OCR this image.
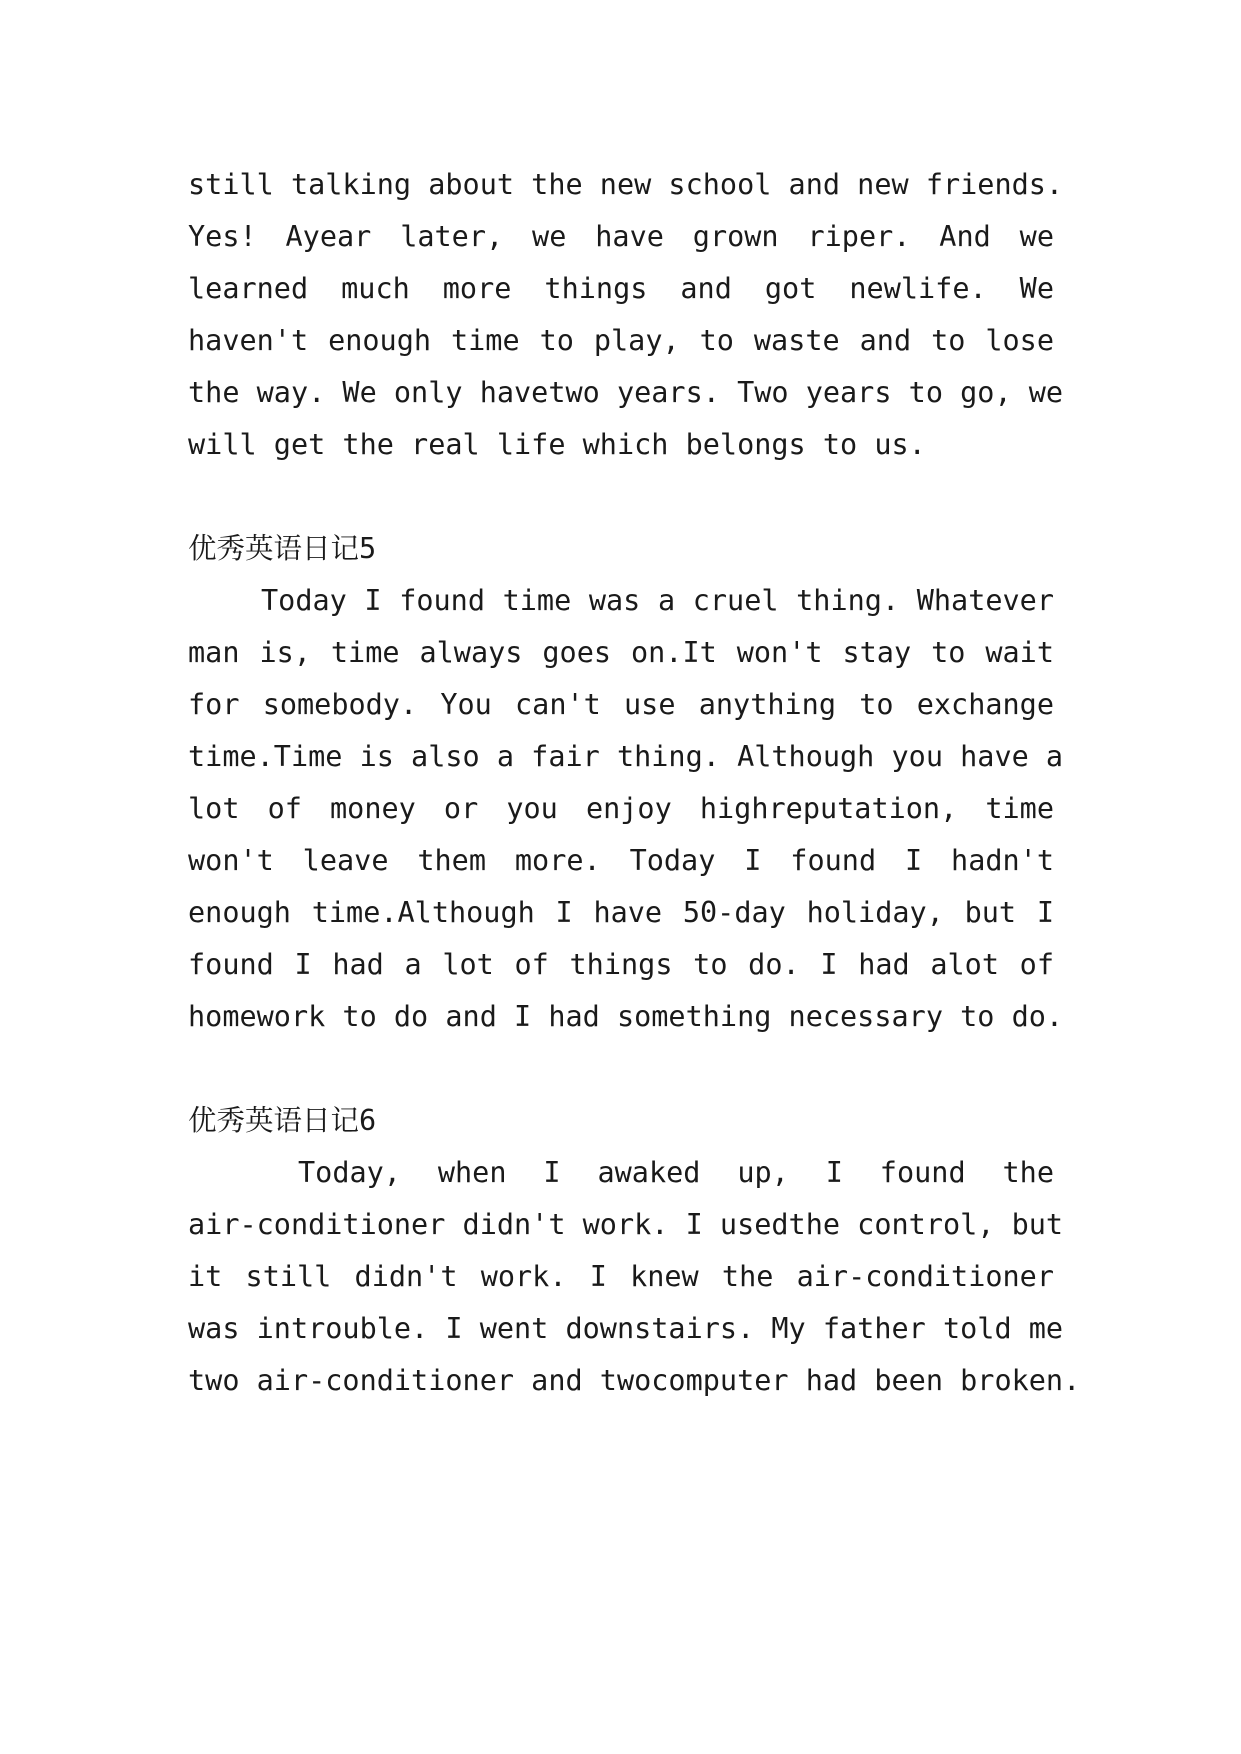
still talking about the new school and new friends.
Yes! Ayear later, we have grown riper. And we
learned much more things and got newlife. We
haven't enough time to play, to waste and to lose
the way. We only havetwo years. Two years to go, we
will get the real life which belongs to us.
优秀英语日记5
Today I found time was a cruel thing. Whatever
man is, time always goes on.It won't stay to wait
for somebody. You can't use anything to exchange
time.Time is also a fair thing. Although you have a
lot of money or you enjoy highreputation, time
won't leave them more. Today I found I hadn't
enough time.Although I have 50-day holiday, but I
found I had a lot of things to do. I had alot of
homework to do and I had something necessary to do.
优秀英语日记6
Today, when I awaked up, I found the
air-conditioner didn't work. I usedthe control, but
it still didn't work. I knew the air-conditioner
was introuble. I went downstairs. My father told me
two air-conditioner and twocomputer had been broken.
